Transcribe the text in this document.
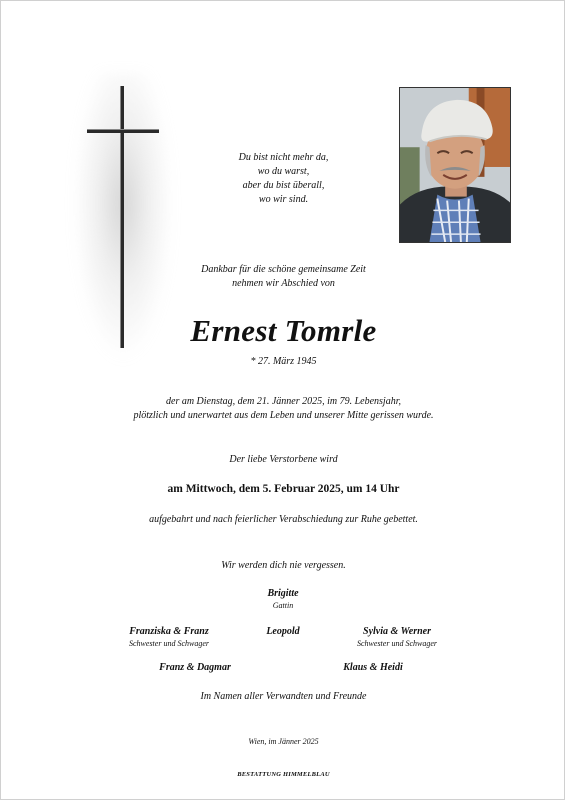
Du bist nicht mehr da,
wo du warst,
aber du bist überall,
wo wir sind.
Dankbar für die schöne gemeinsame Zeit
nehmen wir Abschied von
Ernest Tomrle
* 27. März 1945
der am Dienstag, dem 21. Jänner 2025, im 79. Lebensjahr,
plötzlich und unerwartet aus dem Leben und unserer Mitte gerissen wurde.
Der liebe Verstorbene wird
am Mittwoch, dem 5. Februar 2025, um 14 Uhr
aufgebahrt und nach feierlicher Verabschiedung zur Ruhe gebettet.
Wir werden dich nie vergessen.
Brigitte
Gattin
Franziska & Franz
Schwester und Schwager
Leopold	Sylvia & Werner
Schwester und Schwager
Franz & Dagmar	Klaus & Heidi
Im Namen aller Verwandten und Freunde
Wien, im Jänner 2025
BESTATTUNG HIMMELBLAU
